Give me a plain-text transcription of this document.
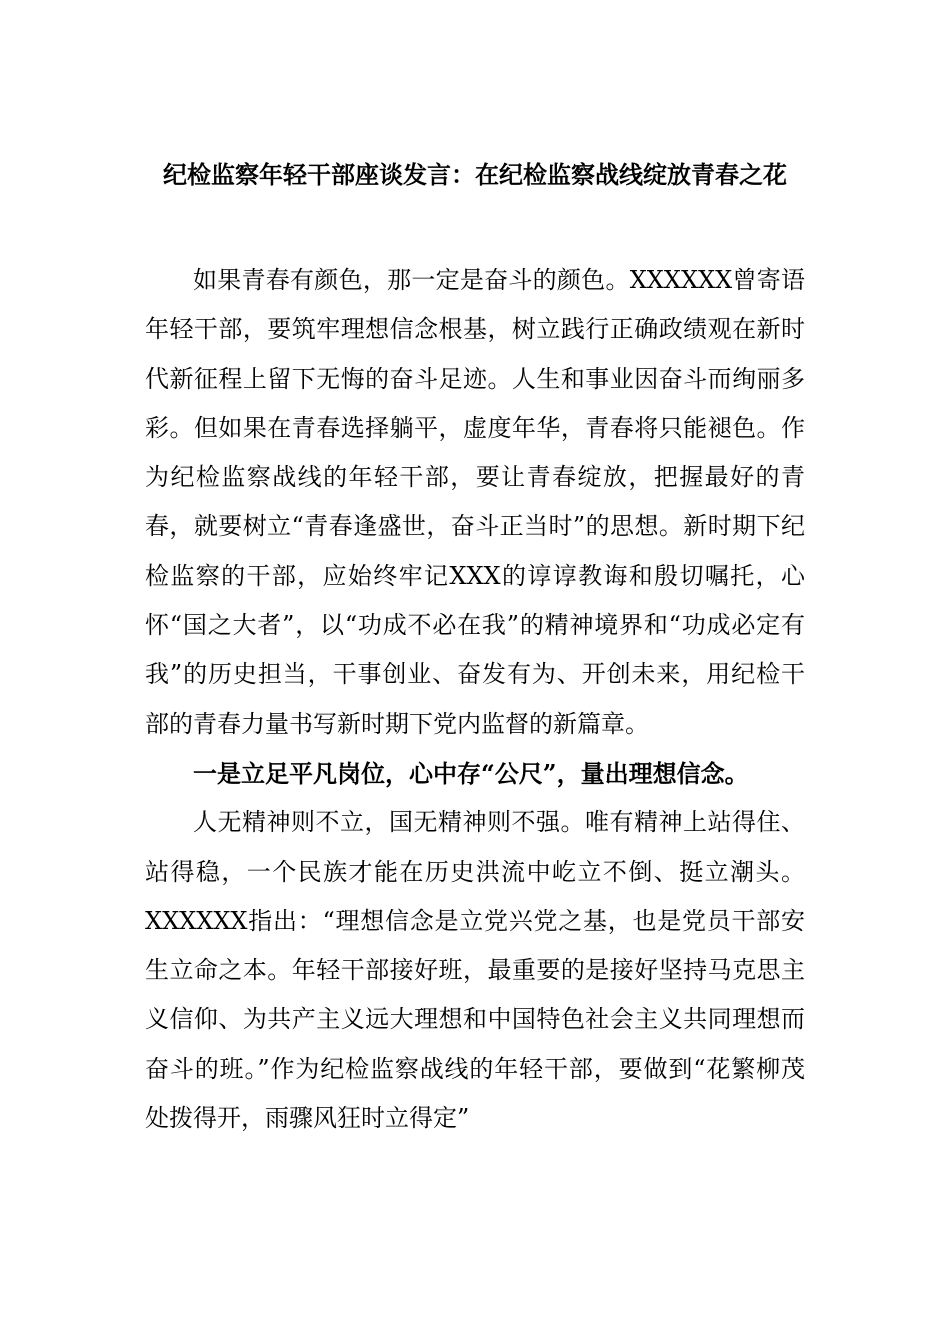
纪检监察年轻干部座谈发言：在纪检监察战线绽放青春之花

如果青春有颜色，那一定是奋斗的颜色。XXXXXX曾寄语年轻干部，要筑牢理想信念根基，树立践行正确政绩观在新时代新征程上留下无悔的奋斗足迹。人生和事业因奋斗而绚丽多彩。但如果在青春选择躺平，虚度年华，青春将只能褪色。作为纪检监察战线的年轻干部，要让青春绽放，把握最好的青春，就要树立“青春逢盛世，奋斗正当时”的思想。新时期下纪检监察的干部，应始终牢记XXX的谆谆教诲和殷切嘱托，心怀“国之大者”，以“功成不必在我”的精神境界和“功成必定有我”的历史担当，干事创业、奋发有为、开创未来，用纪检干部的青春力量书写新时期下党内监督的新篇章。

一是立足平凡岗位，心中存“公尺”，量出理想信念。

人无精神则不立，国无精神则不强。唯有精神上站得住、站得稳，一个民族才能在历史洪流中屹立不倒、挺立潮头。XXXXXX指出：“理想信念是立党兴党之基，也是党员干部安生立命之本。年轻干部接好班，最重要的是接好坚持马克思主义信仰、为共产主义远大理想和中国特色社会主义共同理想而奋斗的班。”作为纪检监察战线的年轻干部，要做到“花繁柳茂处拨得开，雨骤风狂时立得定”
